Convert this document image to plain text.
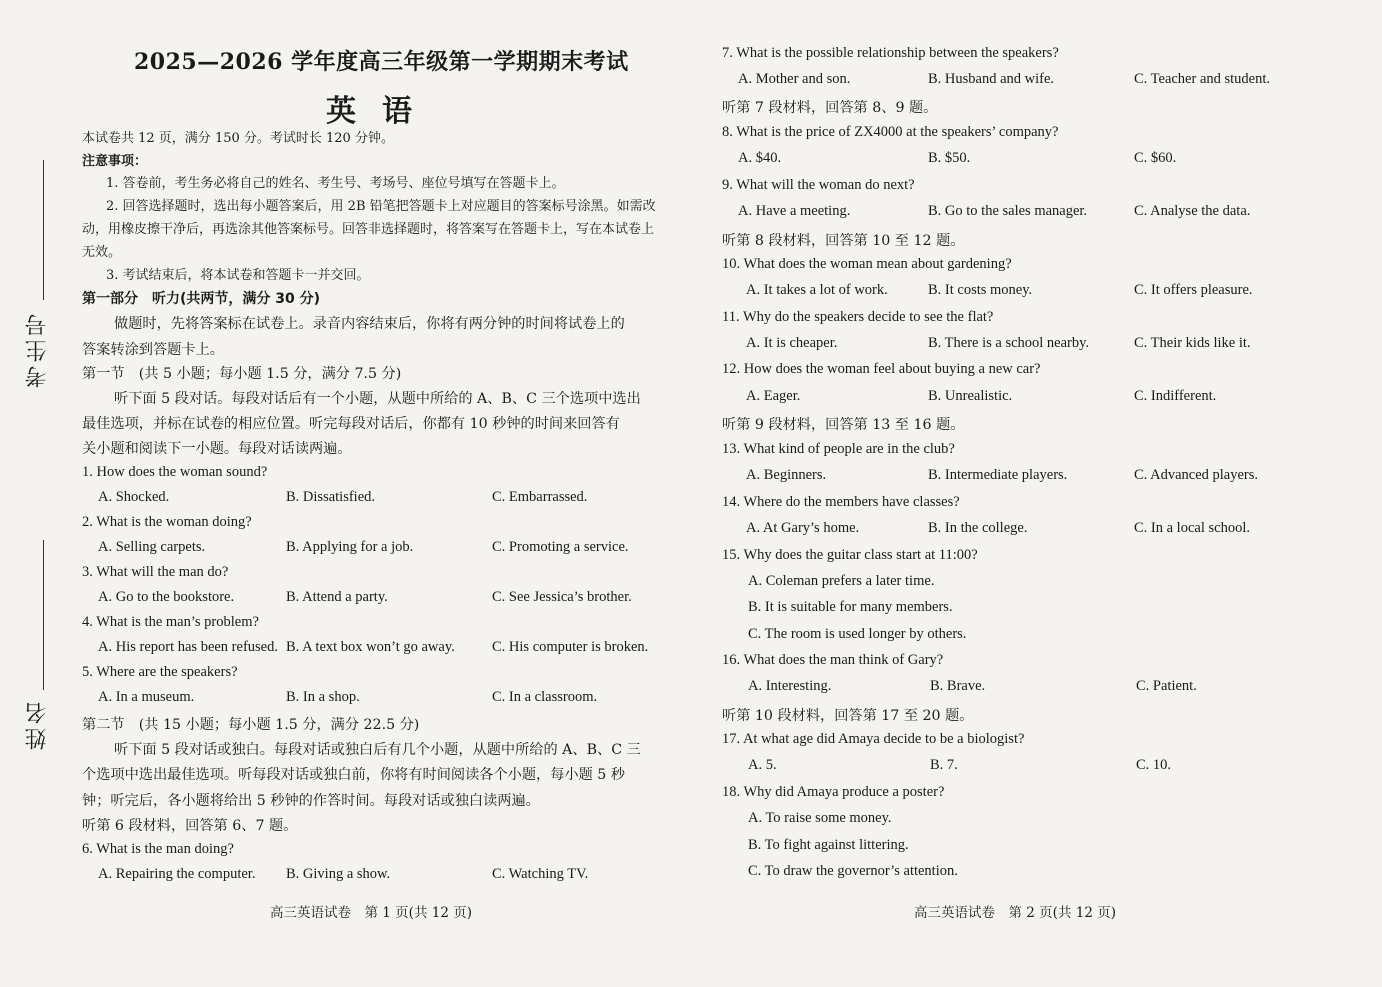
考生号
姓名
2025—2026 学年度高三年级第一学期期末考试
英语
本试卷共 12 页，满分 150 分。考试时长 120 分钟。
注意事项：
1. 答卷前，考生务必将自己的姓名、考生号、考场号、座位号填写在答题卡上。
2. 回答选择题时，选出每小题答案后，用 2B 铅笔把答题卡上对应题目的答案标号涂黑。如需改
动，用橡皮擦干净后，再选涂其他答案标号。回答非选择题时，将答案写在答题卡上，写在本试卷上
无效。
3. 考试结束后，将本试卷和答题卡一并交回。
第一部分　听力(共两节，满分 30 分)
做题时，先将答案标在试卷上。录音内容结束后，你将有两分钟的时间将试卷上的
答案转涂到答题卡上。
第一节　(共 5 小题；每小题 1.5 分，满分 7.5 分)
听下面 5 段对话。每段对话后有一个小题，从题中所给的 A、B、C 三个选项中选出
最佳选项，并标在试卷的相应位置。听完每段对话后，你都有 10 秒钟的时间来回答有
关小题和阅读下一小题。每段对话读两遍。
1. How does the woman sound?
A. Shocked.	B. Dissatisfied.	C. Embarrassed.
2. What is the woman doing?
A. Selling carpets.	B. Applying for a job.	C. Promoting a service.
3. What will the man do?
A. Go to the bookstore.	B. Attend a party.	C. See Jessica’s brother.
4. What is the man’s problem?
A. His report has been refused. B. A text box won’t go away.	C. His computer is broken.
5. Where are the speakers?
A. In a museum.	B. In a shop.	C. In a classroom.
第二节　(共 15 小题；每小题 1.5 分，满分 22.5 分)
听下面 5 段对话或独白。每段对话或独白后有几个小题，从题中所给的 A、B、C 三
个选项中选出最佳选项。听每段对话或独白前，你将有时间阅读各个小题，每小题 5 秒
钟；听完后，各小题将给出 5 秒钟的作答时间。每段对话或独白读两遍。
听第 6 段材料，回答第 6、7 题。
6. What is the man doing?
A. Repairing the computer. B. Giving a show.	C. Watching TV.
高三英语试卷　第 1 页(共 12 页)
7. What is the possible relationship between the speakers?
A. Mother and son.	B. Husband and wife.	C. Teacher and student.
听第 7 段材料，回答第 8、9 题。
8. What is the price of ZX4000 at the speakers’ company?
A. $40.	B. $50.	C. $60.
9. What will the woman do next?
A. Have a meeting.	B. Go to the sales manager.	C. Analyse the data.
听第 8 段材料，回答第 10 至 12 题。
10. What does the woman mean about gardening?
A. It takes a lot of work.	B. It costs money.	C. It offers pleasure.
11. Why do the speakers decide to see the flat?
A. It is cheaper.	B. There is a school nearby.	C. Their kids like it.
12. How does the woman feel about buying a new car?
A. Eager.	B. Unrealistic.	C. Indifferent.
听第 9 段材料，回答第 13 至 16 题。
13. What kind of people are in the club?
A. Beginners.	B. Intermediate players.	C. Advanced players.
14. Where do the members have classes?
A. At Gary’s home.	B. In the college.	C. In a local school.
15. Why does the guitar class start at 11:00?
A. Coleman prefers a later time.
B. It is suitable for many members.
C. The room is used longer by others.
16. What does the man think of Gary?
A. Interesting.	B. Brave.	C. Patient.
听第 10 段材料，回答第 17 至 20 题。
17. At what age did Amaya decide to be a biologist?
A. 5.	B. 7.	C. 10.
18. Why did Amaya produce a poster?
A. To raise some money.
B. To fight against littering.
C. To draw the governor’s attention.
高三英语试卷　第 2 页(共 12 页)
